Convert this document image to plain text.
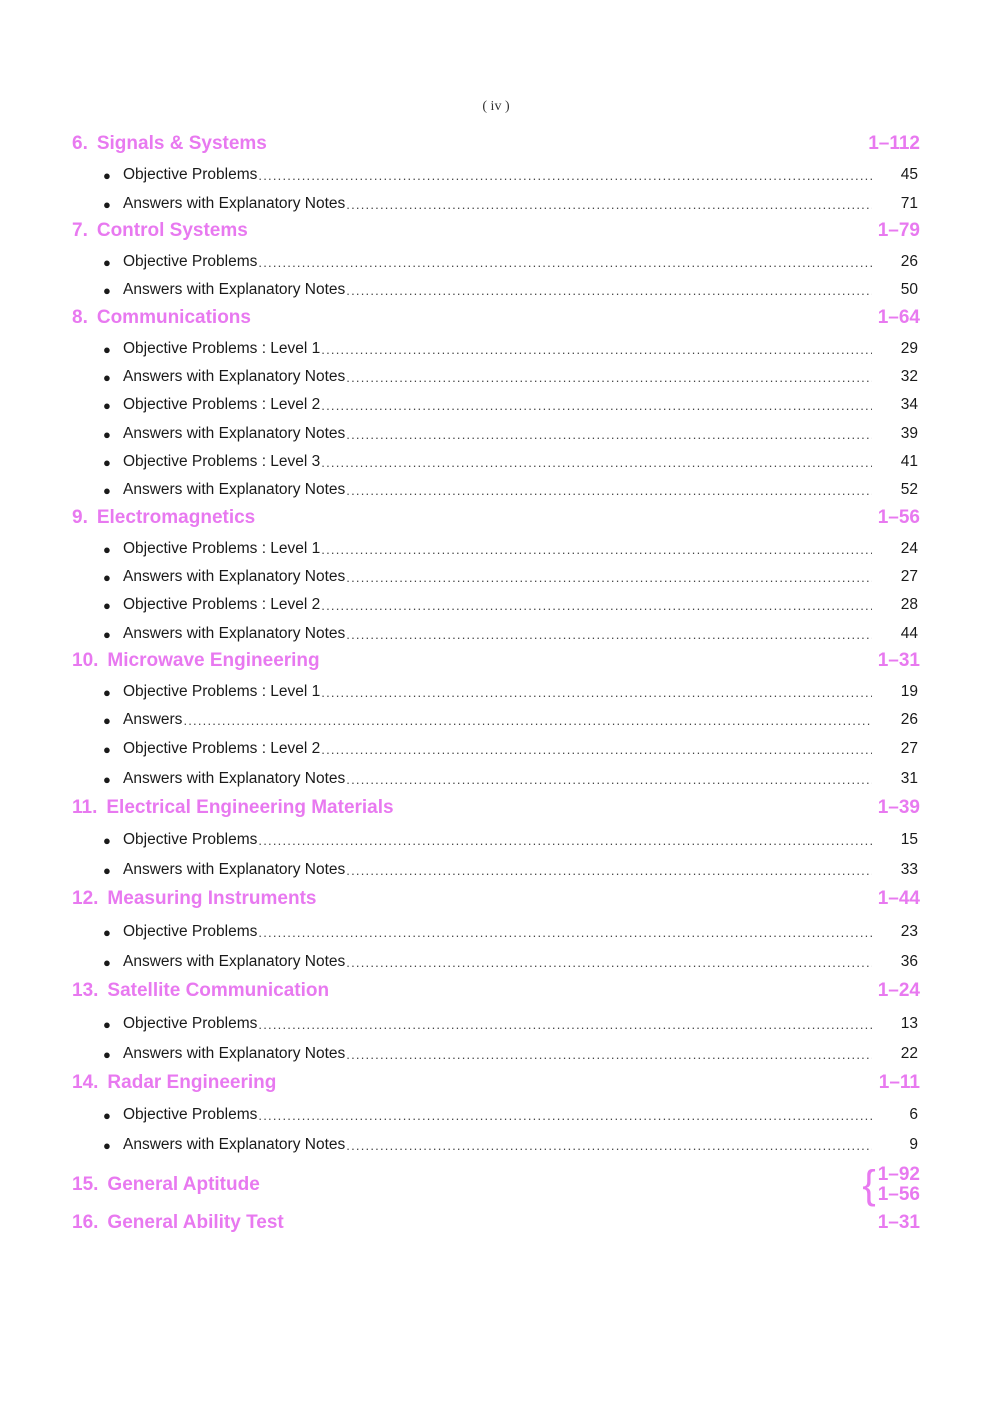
( iv )
6. Signals & Systems	1–112
● Objective Problems .....	45
● Answers with Explanatory Notes .....	71
7. Control Systems	1–79
● Objective Problems .....	26
● Answers with Explanatory Notes .....	50
8. Communications	1–64
● Objective Problems : Level 1 .....	29
● Answers with Explanatory Notes .....	32
● Objective Problems : Level 2 .....	34
● Answers with Explanatory Notes .....	39
● Objective Problems : Level 3 .....	41
● Answers with Explanatory Notes .....	52
9. Electromagnetics	1–56
● Objective Problems : Level 1 .....	24
● Answers with Explanatory Notes .....	27
● Objective Problems : Level 2 .....	28
● Answers with Explanatory Notes .....	44
10. Microwave Engineering	1–31
● Objective Problems : Level 1 .....	19
● Answers .....	26
● Objective Problems : Level 2 .....	27
● Answers with Explanatory Notes .....	31
11. Electrical Engineering Materials	1–39
● Objective Problems .....	15
● Answers with Explanatory Notes .....	33
12. Measuring Instruments	1–44
● Objective Problems .....	23
● Answers with Explanatory Notes .....	36
13. Satellite Communication	1–24
● Objective Problems .....	13
● Answers with Explanatory Notes .....	22
14. Radar Engineering	1–11
● Objective Problems .....	6
● Answers with Explanatory Notes .....	9
15. General Aptitude	{ 1–92
1–56
16. General Ability Test	1–31
